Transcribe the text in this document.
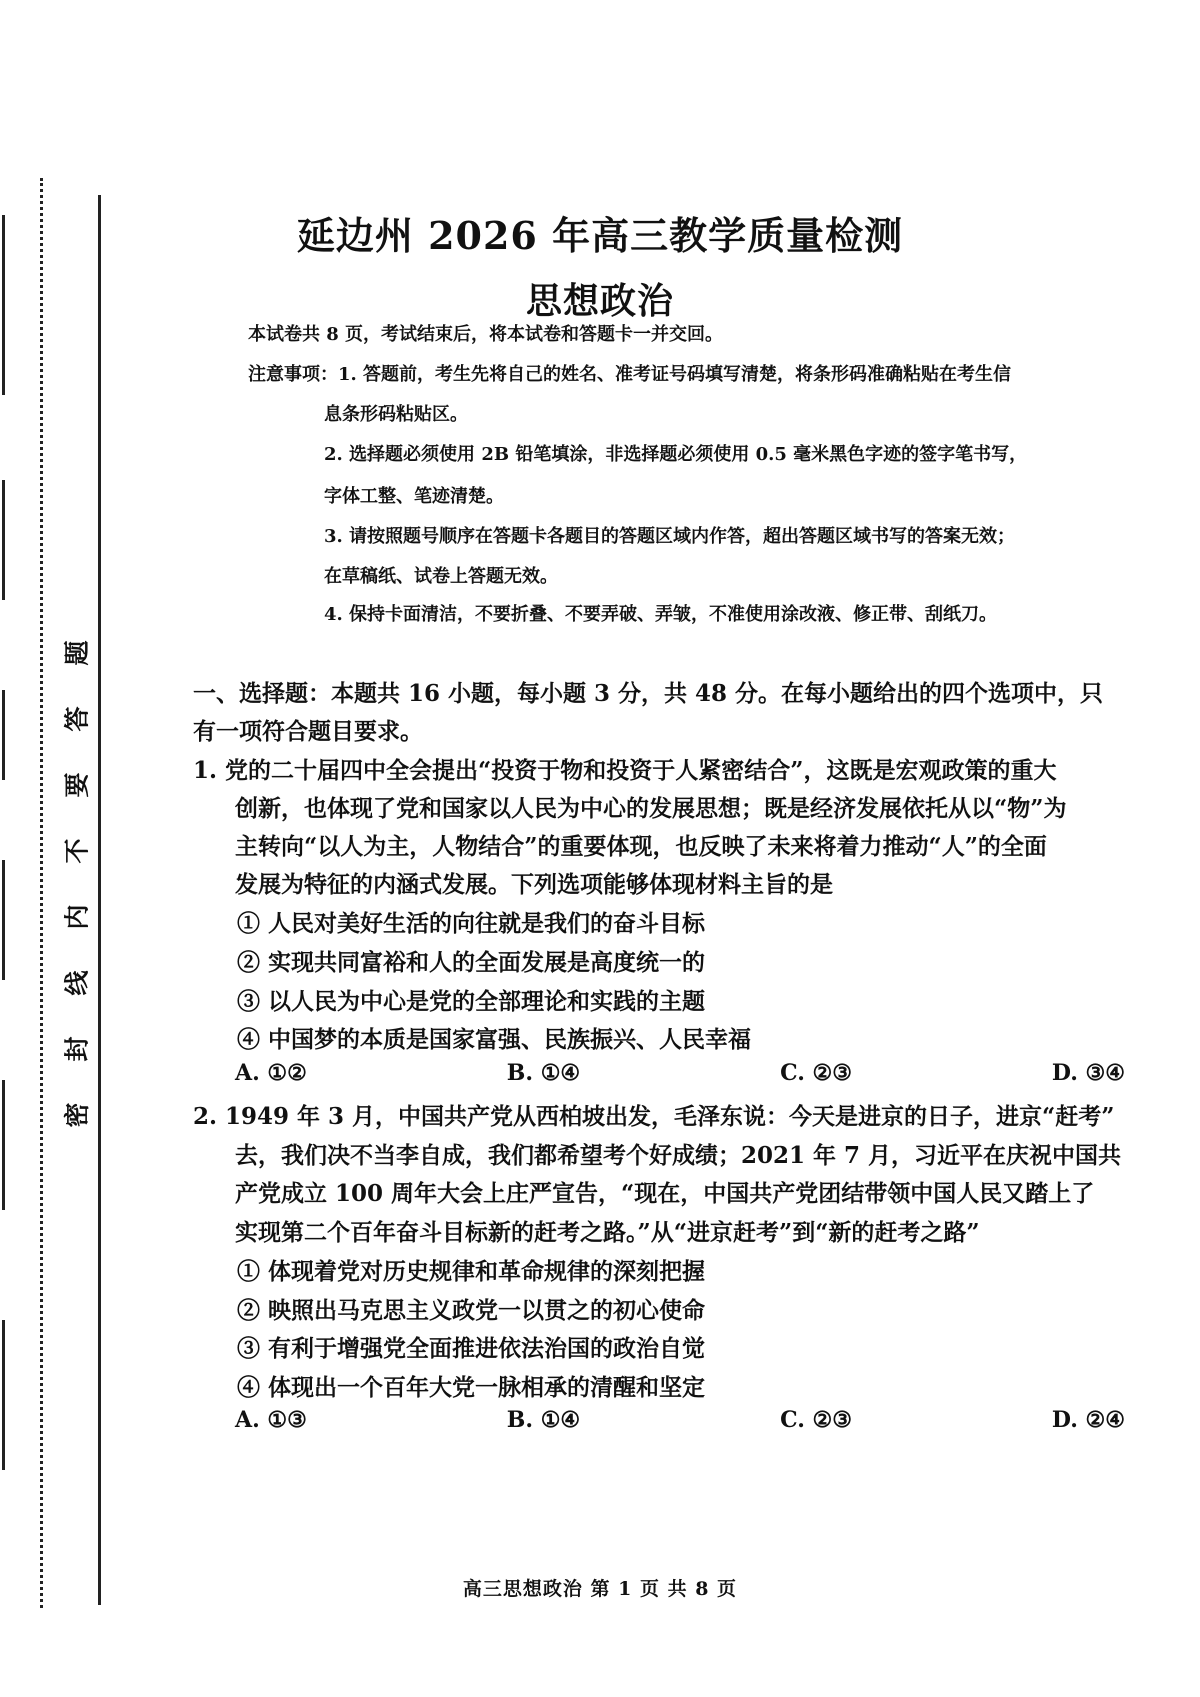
题
答
要
不
内
线
封
密
延边州 2026 年高三教学质量检测
思想政治
本试卷共 8 页，考试结束后，将本试卷和答题卡一并交回。
注意事项： 1. 答题前，考生先将自己的姓名、准考证号码填写清楚，将条形码准确粘贴在考生信
息条形码粘贴区。
2. 选择题必须使用 2B 铅笔填涂，非选择题必须使用 0.5 毫米黑色字迹的签字笔书写，
字体工整、笔迹清楚。
3. 请按照题号顺序在答题卡各题目的答题区域内作答，超出答题区域书写的答案无效；
在草稿纸、试卷上答题无效。
4. 保持卡面清洁，不要折叠、不要弄破、弄皱，不准使用涂改液、修正带、刮纸刀。
一、选择题：本题共 16 小题，每小题 3 分，共 48 分。在每小题给出的四个选项中，只
有一项符合题目要求。
1. 党的二十届四中全会提出“投资于物和投资于人紧密结合”，这既是宏观政策的重大
创新，也体现了党和国家以人民为中心的发展思想；既是经济发展依托从以“物”为
主转向“以人为主，人物结合”的重要体现，也反映了未来将着力推动“人”的全面
发展为特征的内涵式发展。下列选项能够体现材料主旨的是
① 人民对美好生活的向往就是我们的奋斗目标
② 实现共同富裕和人的全面发展是高度统一的
③ 以人民为中心是党的全部理论和实践的主题
④ 中国梦的本质是国家富强、民族振兴、人民幸福
A. ①②	B. ①④	C. ②③	D. ③④
2. 1949 年 3 月，中国共产党从西柏坡出发，毛泽东说：今天是进京的日子，进京“赶考”
去，我们决不当李自成，我们都希望考个好成绩；2021 年 7 月，习近平在庆祝中国共
产党成立 100 周年大会上庄严宣告，“现在，中国共产党团结带领中国人民又踏上了
实现第二个百年奋斗目标新的赶考之路。”从“进京赶考”到“新的赶考之路”
① 体现着党对历史规律和革命规律的深刻把握
② 映照出马克思主义政党一以贯之的初心使命
③ 有利于增强党全面推进依法治国的政治自觉
④ 体现出一个百年大党一脉相承的清醒和坚定
A. ①③	B. ①④	C. ②③	D. ②④
高三思想政治 第 1 页 共 8 页
